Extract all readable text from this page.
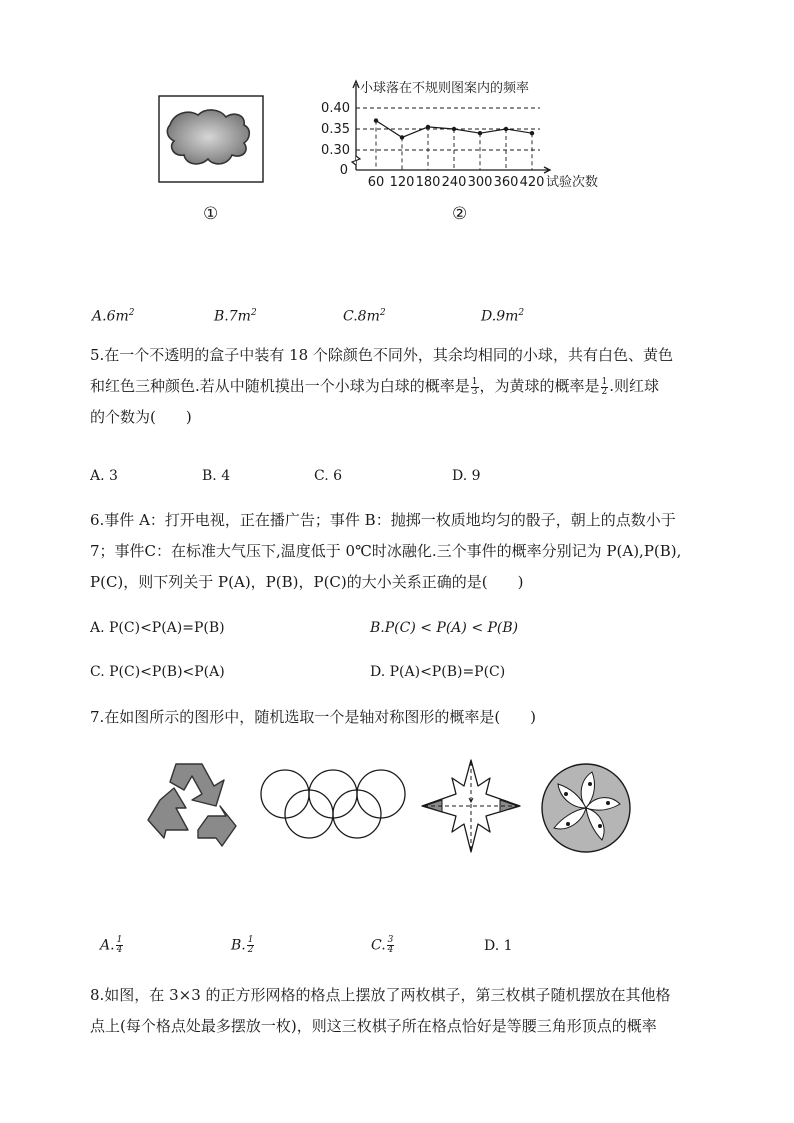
①
0.40
0.35
0.30
0
60 120 180 240 300 360 420
小球落在不规则图案内的频率
试验次数
②
$A.6m^2$	$B.7m^2$	$C.8m^2$	$D.9m^2$
5.在一个不透明的盒子中装有 18 个除颜色不同外，其余均相同的小球，共有白色、黄色
和红色三种颜色.若从中随机摸出一个小球为白球的概率是 $\frac{1}{3}$ ，为黄球的概率是 $\frac{1}{2}$ .则红球
的个数为(　　)
A. 3	B. 4	C. 6	D. 9
6.事件 A：打开电视，正在播广告；事件 B：抛掷一枚质地均匀的骰子，朝上的点数小于
7；事件C：在标准大气压下,温度低于 0℃时冰融化.三个事件的概率分别记为 P(A),P(B),
P(C)，则下列关于 P(A)，P(B)，P(C)的大小关系正确的是(　　)
A. P(C)<P(A)=P(B)	B.P(C) < P(A) < P(B)
C. P(C)<P(B)<P(A)	D. P(A)<P(B)=P(C)
7.在如图所示的图形中，随机选取一个是轴对称图形的概率是(　　)
A. $\frac{1}{4}$	B. $\frac{1}{2}$	C. $\frac{3}{4}$	D. 1
8.如图，在 3×3 的正方形网格的格点上摆放了两枚棋子，第三枚棋子随机摆放在其他格
点上(每个格点处最多摆放一枚)，则这三枚棋子所在格点恰好是等腰三角形顶点的概率
